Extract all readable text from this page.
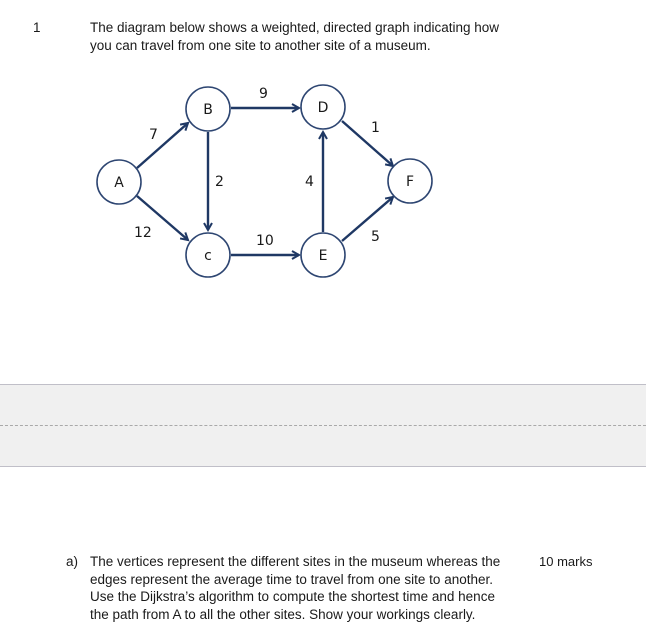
1	The diagram below shows a weighted, directed graph indicating how
you can travel from one site to another site of a museum.
7
12
9
2
10
4
1
5
A
B
c
D
E
F
a) The vertices represent the different sites in the museum whereas the
edges represent the average time to travel from one site to another.
Use the Dijkstra’s algorithm to compute the shortest time and hence
the path from A to all the other sites. Show your workings clearly.
10 marks
